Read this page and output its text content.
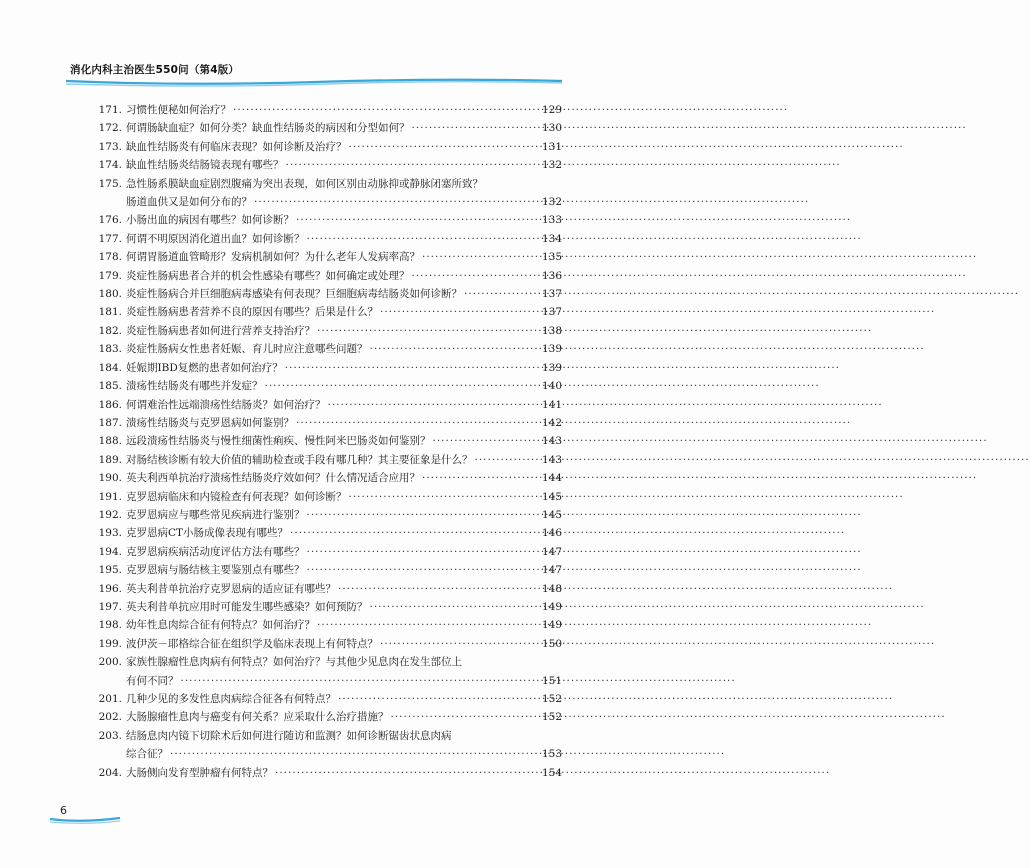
消化内科主治医生550问（第4版）
171. 习惯性便秘如何治疗？ ·····	129
172. 何谓肠缺血症？如何分类？缺血性结肠炎的病因和分型如何？ ·····	130
173. 缺血性结肠炎有何临床表现？如何诊断及治疗？ ·····	131
174. 缺血性结肠炎结肠镜表现有哪些？ ·····	132
175. 急性肠系膜缺血症剧烈腹痛为突出表现，如何区别由动脉抑或静脉闭塞所致？
肠道血供又是如何分布的？ ·····	132
176. 小肠出血的病因有哪些？如何诊断？ ·····	133
177. 何谓不明原因消化道出血？如何诊断？ ·····	134
178. 何谓胃肠道血管畸形？发病机制如何？为什么老年人发病率高？ ·····	135
179. 炎症性肠病患者合并的机会性感染有哪些？如何确定或处理？ ·····	136
180. 炎症性肠病合并巨细胞病毒感染有何表现？巨细胞病毒结肠炎如何诊断？ ·····	137
181. 炎症性肠病患者营养不良的原因有哪些？后果是什么？ ·····	137
182. 炎症性肠病患者如何进行营养支持治疗？ ·····	138
183. 炎症性肠病女性患者妊娠、育儿时应注意哪些问题？ ·····	139
184. 妊娠期IBD复燃的患者如何治疗？ ·····	139
185. 溃疡性结肠炎有哪些并发症？ ·····	140
186. 何谓难治性远端溃疡性结肠炎？如何治疗？ ·····	141
187. 溃疡性结肠炎与克罗恩病如何鉴别？ ·····	142
188. 远段溃疡性结肠炎与慢性细菌性痢疾、慢性阿米巴肠炎如何鉴别？ ·····	143
189. 对肠结核诊断有较大价值的辅助检查或手段有哪几种？其主要征象是什么？ ·····	143
190. 英夫利西单抗治疗溃疡性结肠炎疗效如何？什么情况适合应用？ ·····	144
191. 克罗恩病临床和内镜检查有何表现？如何诊断？ ·····	145
192. 克罗恩病应与哪些常见疾病进行鉴别？ ·····	145
193. 克罗恩病CT小肠成像表现有哪些？ ·····	146
194. 克罗恩病疾病活动度评估方法有哪些？ ·····	147
195. 克罗恩病与肠结核主要鉴别点有哪些？ ·····	147
196. 英夫利昔单抗治疗克罗恩病的适应证有哪些？ ·····	148
197. 英夫利昔单抗应用时可能发生哪些感染？如何预防？ ·····	149
198. 幼年性息肉综合征有何特点？如何治疗？ ·····	149
199. 波伊茨－耶格综合征在组织学及临床表现上有何特点？ ·····	150
200. 家族性腺瘤性息肉病有何特点？如何治疗？与其他少见息肉在发生部位上
有何不同？ ·····	151
201. 几种少见的多发性息肉病综合征各有何特点？ ·····	152
202. 大肠腺瘤性息肉与癌变有何关系？应采取什么治疗措施？ ·····	152
203. 结肠息肉内镜下切除术后如何进行随访和监测？如何诊断锯齿状息肉病
综合征？ ·····	153
204. 大肠侧向发育型肿瘤有何特点？ ·····	154
6
